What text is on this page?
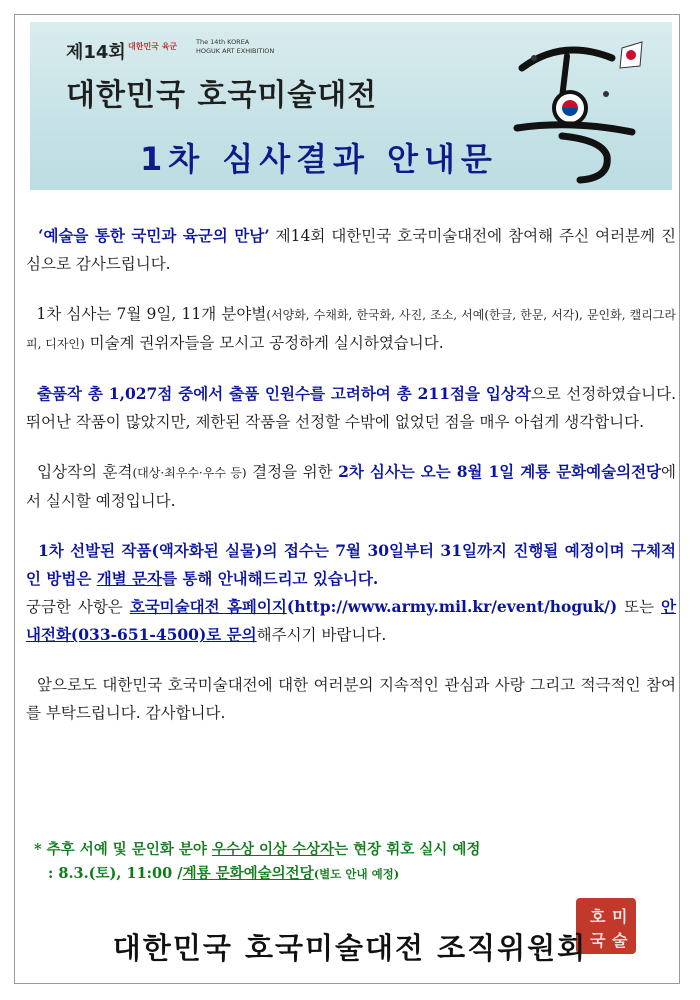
제14회 대한민국 육군	The 14th KOREA
HOGUK ART EXHIBITION
대한민국 호국미술대전
1차 심사결과 안내문

‘예술을 통한 국민과 육군의 만남’ 제14회 대한민국 호국미술대전에 참여해 주신 여러분께 진심으로 감사드립니다.

1차 심사는 7월 9일, 11개 분야별(서양화, 수채화, 한국화, 사진, 조소, 서예(한글, 한문, 서각), 문인화, 캘리그라피, 디자인) 미술계 권위자들을 모시고 공정하게 실시하였습니다.

출품작 총 1,027점 중에서 출품 인원수를 고려하여 총 211점을 입상작으로 선정하였습니다. 뛰어난 작품이 많았지만, 제한된 작품을 선정할 수밖에 없었던 점을 매우 아쉽게 생각합니다.

입상작의 훈격(대상·최우수·우수 등) 결정을 위한 2차 심사는 오는 8월 1일 계룡 문화예술의전당에서 실시할 예정입니다.

1차 선발된 작품(액자화된 실물)의 접수는 7월 30일부터 31일까지 진행될 예정이며 구체적인 방법은 개별 문자를 통해 안내해드리고 있습니다.
궁금한 사항은 호국미술대전 홈페이지(http://www.army.mil.kr/event/hoguk/) 또는 안내전화(033-651-4500)로 문의해주시기 바랍니다.

앞으로도 대한민국 호국미술대전에 대한 여러분의 지속적인 관심과 사랑 그리고 적극적인 참여를 부탁드립니다. 감사합니다.

* 추후 서예 및 문인화 분야 우수상 이상 수상자는 현장 휘호 실시 예정
: 8.3.(토), 11:00 /계룡 문화예술의전당(별도 안내 예정)
호 미
국 술
대한민국 호국미술대전 조직위원회
